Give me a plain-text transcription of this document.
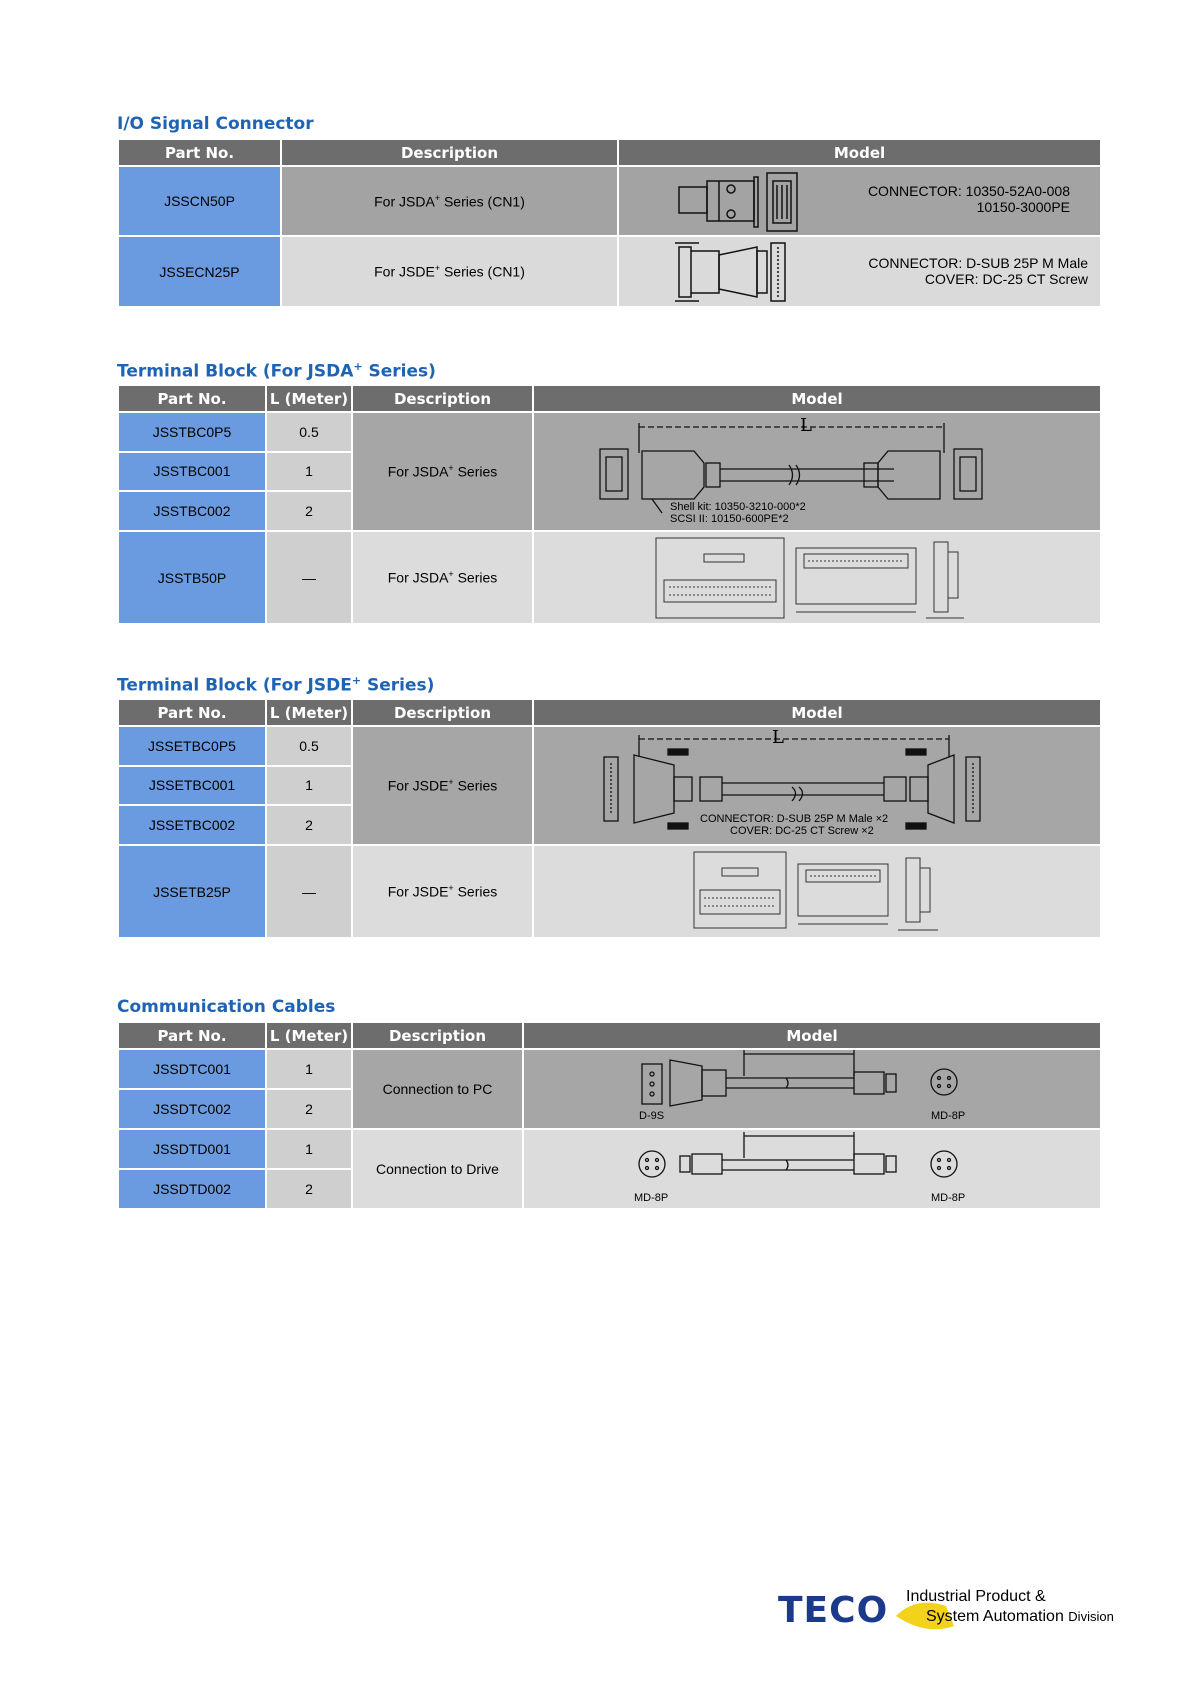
I/O Signal Connector
Part No.	Description	Model
JSSCN50P	For JSDA+ Series (CN1)	CONNECTOR: 10350-52A0-008
10150-3000PE

JSSECN25P	For JSDE+ Series (CN1)	CONNECTOR: D-SUB 25P M Male
COVER: DC-25 CT Screw
Terminal Block (For JSDA+ Series)
Part No.	L (Meter)	Description	Model
JSSTBC0P5	0.5	For JSDA+ Series	L
Shell kit: 10350-3210-000*2
SCSI II: 10150-600PE*2

JSSTBC001	1		
JSSTBC002	2		
JSSTB50P	—	For JSDA+ Series	
Terminal Block (For JSDE+ Series)
Part No.	L (Meter)	Description	Model
JSSETBC0P5	0.5	For JSDE+ Series	L
CONNECTOR: D-SUB 25P M Male ×2
COVER: DC-25 CT Screw ×2

JSSETBC001	1		
JSSETBC002	2		
JSSETB25P	—	For JSDE+ Series	
Communication Cables
Part No.	L (Meter)	Description	Model
JSSDTC001	1	Connection to PC	D-9S MD-8P

JSSDTC002	2		
JSSDTD001	1	Connection to Drive	MD-8P MD-8P

JSSDTD002	2		
TECO Industrial Product &
System Automation Division
